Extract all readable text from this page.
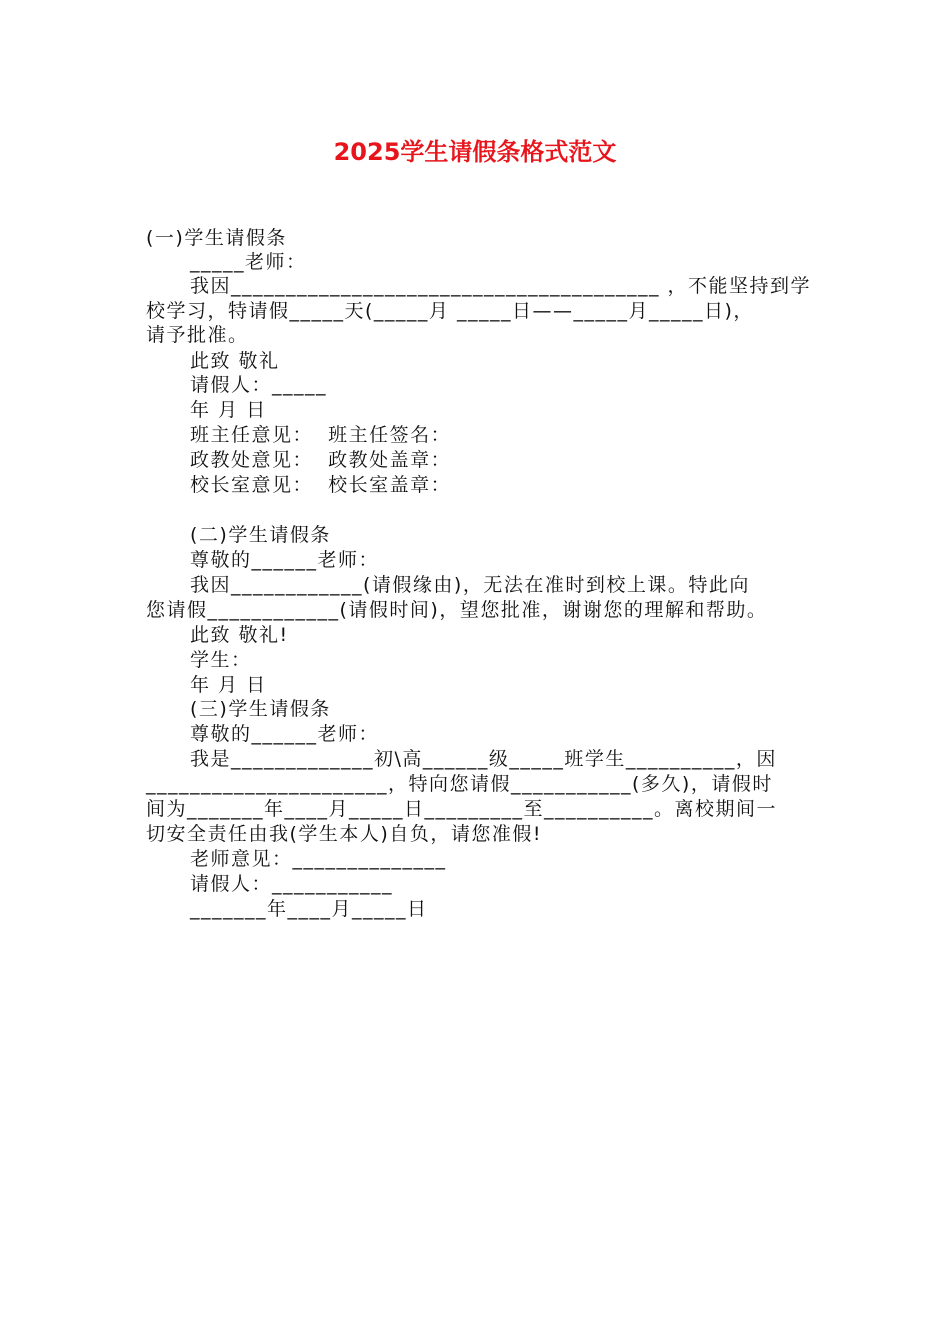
2025学生请假条格式范文
(一)学生请假条
_____老师：
我因_______________________________________ ，不能坚持到学
校学习，特请假_____天(_____月 _____日——_____月_____日)，
请予批准。
此致 敬礼
请假人：_____
年 月 日
班主任意见：  班主任签名：
政教处意见：  政教处盖章：
校长室意见：  校长室盖章：
(二)学生请假条
尊敬的______老师：
我因____________(请假缘由)，无法在准时到校上课。特此向
您请假____________(请假时间)，望您批准，谢谢您的理解和帮助。
此致 敬礼!
学生：
年 月 日
(三)学生请假条
尊敬的______老师：
我是_____________初\高______级_____班学生__________，因
______________________，特向您请假___________(多久)，请假时
间为_______年____月_____日_________至__________。离校期间一
切安全责任由我(学生本人)自负，请您准假!
老师意见：______________
请假人：___________
_______年____月_____日
